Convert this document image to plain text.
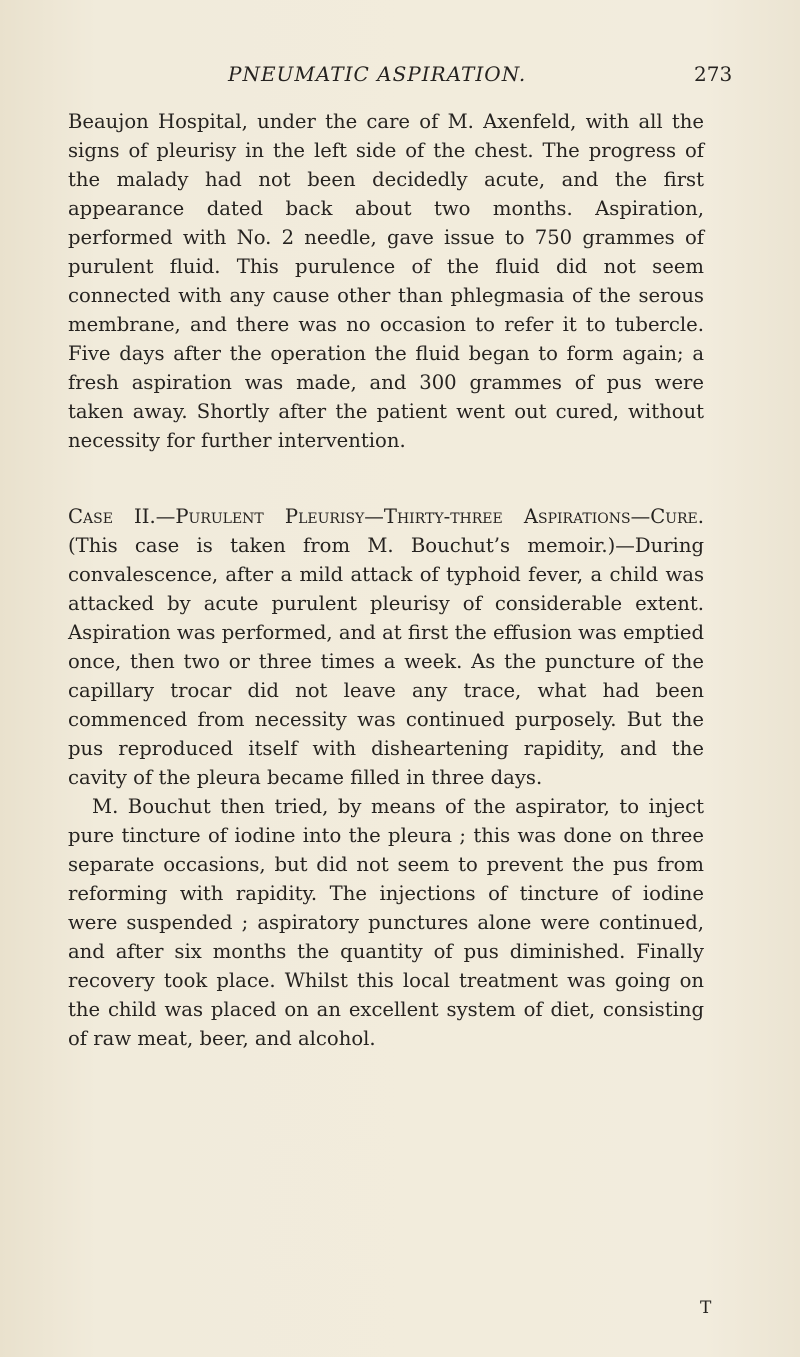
PNEUMATIC ASPIRATION.	273

Beaujon Hospital, under the care of M. Axenfeld, with all the signs of pleurisy in the left side of the chest. The progress of the malady had not been decidedly acute, and the first appearance dated back about two months. Aspiration, performed with No. 2 needle, gave issue to 750 grammes of purulent fluid. This purulence of the fluid did not seem connected with any cause other than phlegmasia of the serous membrane, and there was no occasion to refer it to tubercle. Five days after the operation the fluid began to form again; a fresh aspiration was made, and 300 grammes of pus were taken away. Shortly after the patient went out cured, without necessity for further intervention.

Case II.—Purulent Pleurisy—Thirty-three Aspirations—Cure. (This case is taken from M. Bouchut’s memoir.)—During convalescence, after a mild attack of typhoid fever, a child was attacked by acute purulent pleurisy of considerable extent. Aspiration was performed, and at first the effusion was emptied once, then two or three times a week. As the puncture of the capillary trocar did not leave any trace, what had been commenced from necessity was continued purposely. But the pus reproduced itself with disheartening rapidity, and the cavity of the pleura became filled in three days.

M. Bouchut then tried, by means of the aspirator, to inject pure tincture of iodine into the pleura ; this was done on three separate occasions, but did not seem to prevent the pus from reforming with rapidity. The injections of tincture of iodine were suspended ; aspiratory punctures alone were continued, and after six months the quantity of pus diminished. Finally recovery took place. Whilst this local treatment was going on the child was placed on an excellent system of diet, consisting of raw meat, beer, and alcohol.

T
